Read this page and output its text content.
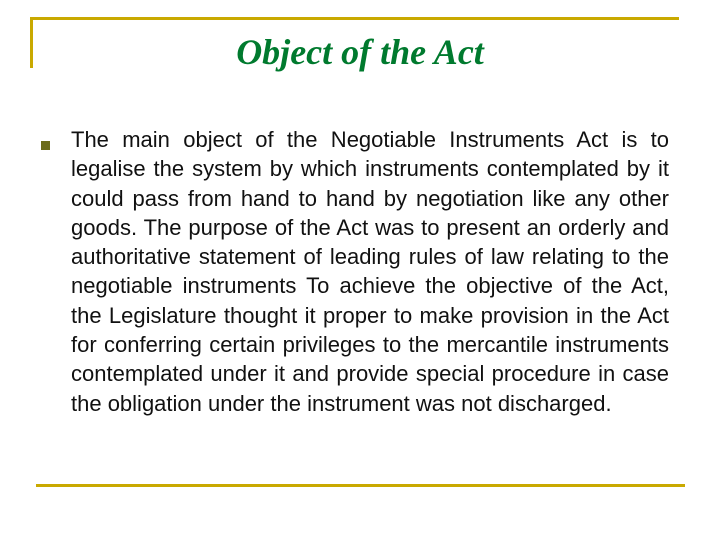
Object of the Act

The main object of the Negotiable Instruments Act is to legalise the system by which instruments contemplated by it could pass from hand to hand by negotiation like any other goods. The purpose of the Act was to present an orderly and authoritative statement of leading rules of law relating to the negotiable instruments To achieve the objective of the Act, the Legislature thought it proper to make provision in the Act for conferring certain privileges to the mercantile instruments contemplated under it and provide special procedure in case the obligation under the instrument was not discharged.
